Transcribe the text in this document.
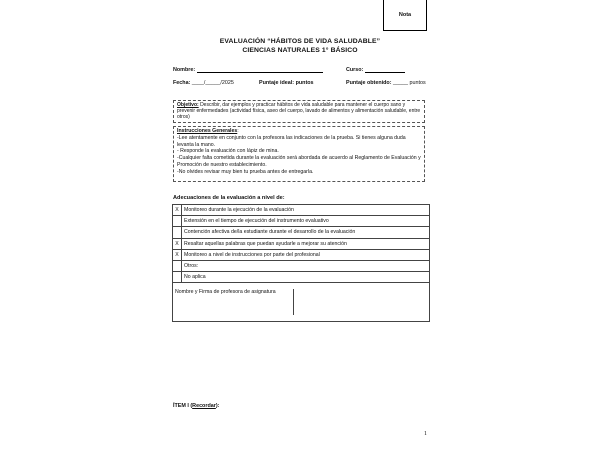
Nota
EVALUACIÓN “HÁBITOS DE VIDA SALUDABLE”
CIENCIAS NATURALES 1° BÁSICO
Nombre:	Curso:
Fecha: ____/_____/2025	Puntaje ideal: puntos	Puntaje obtenido: _____ puntos
Objetivo: Describir, dar ejemplos y practicar hábitos de vida saludable para mantener el cuerpo sano y prevenir enfermedades (actividad física, aseo del cuerpo, lavado de alimentos y alimentación saludable, entre otros)
Instrucciones Generales:
-Lee atentamente en conjunto con la profesora las indicaciones de la prueba. Si tienes alguna duda levanta la mano.
- Responde la evaluación con lápiz de mina.
-Cualquier falta cometida durante la evaluación será abordada de acuerdo al Reglamento de Evaluación y Promoción de nuestro establecimiento.
-No olvides revisar muy bien tu prueba antes de entregarla.
Adecuaciones de la evaluación a nivel de:
X	Monitoreo durante la ejecución de la evaluación
	Extensión en el tiempo de ejecución del instrumento evaluativo
	Contención afectiva de/la estudiante durante el desarrollo de la evaluación
X	Resaltar aquellas palabras que puedan ayudarle a mejorar su atención
X	Monitoreo a nivel de instrucciones por parte del profesional
	Otros:
	No aplica

Nombre y Firma de profesora de asignatura	
ÍTEM I (Recordar):
1
